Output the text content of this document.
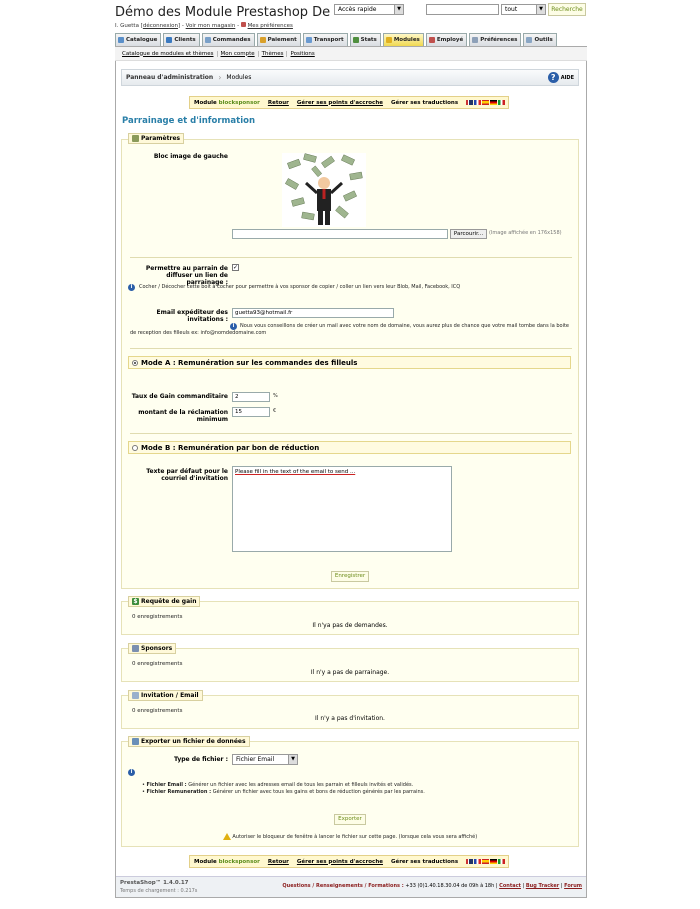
Démo des Module Prestashop De
I. Guetta [déconnexion] - Voir mon magasin -  Mes préférences
Accès rapide	▼	tout	▼	Recherche
Catalogue	Clients	Commandes	Paiement	Transport	Stats	Modules	Employé	Préférences	Outils
Catalogue de modules et thèmes	Mon compte	Thèmes	Positions
Panneau d'administration › Modules	?	AIDE
Module blocksponsor Retour Gérer ses points d'accroche Gérer ses traductions
Parrainage et d'information
Paramètres
Bloc image de gauche
Parcourir...	(Image affichée en 176x158)
Permettre au parrain de diffuser un lien de parrainage :
✓
i	Cocher / Décocher cette boit à cocher pour permettre à vos sponsor de copier / coller un lien vers leur Blob, Mail, Facebook, ICQ
Email expéditeur des invitations :
guetta93@hotmail.fr
i	Nous vous conseillons de créer un mail avec votre nom de domaine, vous aurez plus de chance que votre mail tombe dans la boite de reception des filleuls ex: info@nomdedomaine.com
Mode A : Remunération sur les commandes des filleuls
Taux de Gain commanditaire	2	%
montant de la réclamation minimum
15	€
Mode B : Remunération par bon de réduction
Texte par défaut pour le courriel d'invitation
Please fill in the text of the email to send ...
Enregistrer
$ Requête de gain
0 enregistrements
Il n'ya pas de demandes.
Sponsors
0 enregistrements
Il n'y a pas de parrainage.
Invitation / Email
0 enregistrements
Il n'y a pas d'invitation.
Exporter un fichier de données
Type de fichier :	Fichier Email	▼
i
• Fichier Email : Générer un fichier avec les adresses email de tous les parrain et filleuls invités et validés.
• Fichier Remuneration : Générer un fichier avec tous les gains et bons de réduction générés par les parrains.
Exporter
Autoriser le bloqueur de fenêtre à lancer le fichier sur cette page. (lorsque cela vous sera affiché)
Module blocksponsor Retour Gérer ses points d'accroche Gérer ses traductions
PrestaShop™ 1.4.0.17
Temps de chargement : 0.217s
Questions / Renseignements / Formations : +33 (0)1.40.18.30.04 de 09h à 18h | Contact | Bug Tracker | Forum
